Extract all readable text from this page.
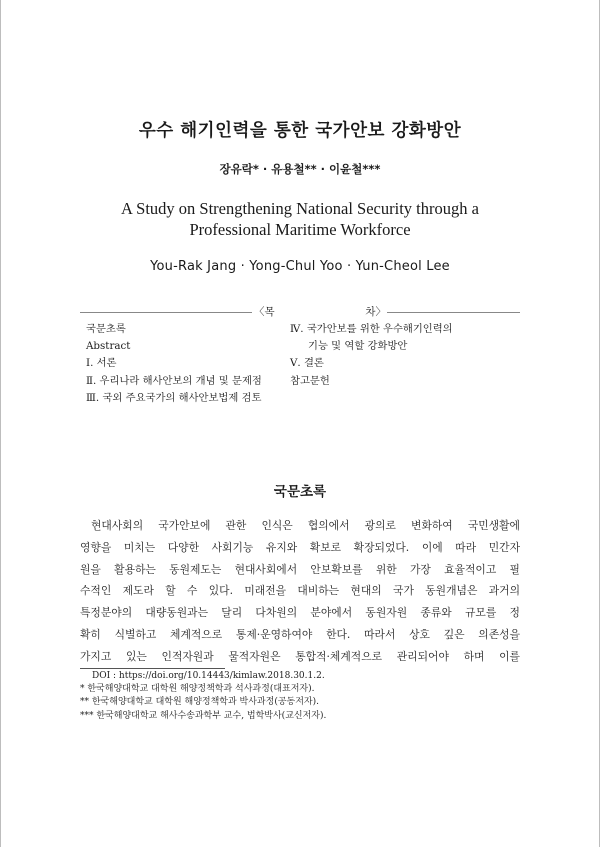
우수 해기인력을 통한 국가안보 강화방안
장유락* · 유용철** · 이윤철***
A Study on Strengthening National Security through a
Professional Maritime Workforce
You-Rak Jang · Yong-Chul Yoo · Yun-Cheol Lee
〈목	차〉
국문초록
Abstract
Ⅰ. 서론
Ⅱ. 우리나라 해사안보의 개념 및 문제점
Ⅲ. 국외 주요국가의 해사안보법제 검토
Ⅳ. 국가안보를 위한 우수해기인력의
기능 및 역할 강화방안
Ⅴ. 결론
참고문헌
국문초록
현대사회의 국가안보에 관한 인식은 협의에서 광의로 변화하여 국민생활에
영향을 미치는 다양한 사회기능 유지와 확보로 확장되었다. 이에 따라 민간자
원을 활용하는 동원제도는 현대사회에서 안보확보를 위한 가장 효율적이고 필
수적인 제도라 할 수 있다. 미래전을 대비하는 현대의 국가 동원개념은 과거의
특정분야의 대량동원과는 달리 다차원의 분야에서 동원자원 종류와 규모를 정
확히 식별하고 체계적으로 통제·운영하여야 한다. 따라서 상호 깊은 의존성을
가지고 있는 인적자원과 물적자원은 통합적·체계적으로 관리되어야 하며 이를
DOI : https://doi.org/10.14443/kimlaw.2018.30.1.2.
* 한국해양대학교 대학원 해양정책학과 석사과정(대표저자).
** 한국해양대학교 대학원 해양정책학과 박사과정(공동저자).
*** 한국해양대학교 해사수송과학부 교수, 법학박사(교신저자).
